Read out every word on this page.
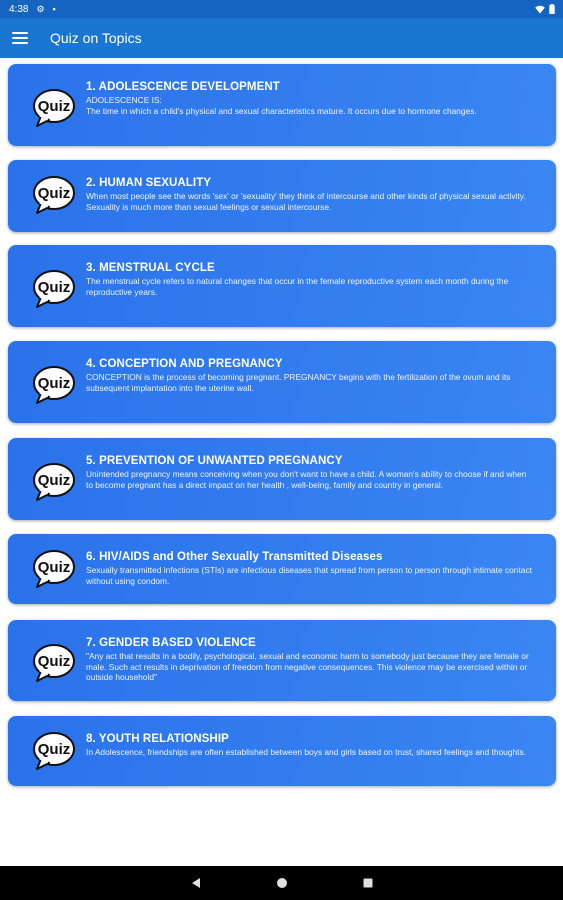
4:38 ⚙ ▪
Quiz on Topics
Quiz
1. ADOLESCENCE DEVELOPMENT
ADOLESCENCE IS:
The time in which a child's physical and sexual characteristics mature. It occurs due to hormone changes.
Quiz
2. HUMAN SEXUALITY
When most people see the words 'sex' or 'sexuality' they think of intercourse and other kinds of physical sexual activity. Sexuality is much more than sexual feelings or sexual intercourse.
Quiz
3. MENSTRUAL CYCLE
The menstrual cycle refers to natural changes that occur in the female reproductive system each month during the reproductive years.
Quiz
4. CONCEPTION AND PREGNANCY
CONCEPTION is the process of becoming pregnant. PREGNANCY begins with the fertilization of the ovum and its subsequent implantation into the uterine wall.
Quiz
5. PREVENTION OF UNWANTED PREGNANCY
Unintended pregnancy means conceiving when you don't want to have a child. A woman's ability to choose if and when to become pregnant has a direct impact on her health , well-being, family and country in general.
Quiz
6. HIV/AIDS and Other Sexually Transmitted Diseases
Sexually transmitted infections (STIs) are infectious diseases that spread from person to person through intimate contact without using condom.
Quiz
7. GENDER BASED VIOLENCE
"Any act that results in a bodily, psychological, sexual and economic harm to somebody just because they are female or male. Such act results in deprivation of freedom from negative consequences. This violence may be exercised within or outside household"
Quiz
8. YOUTH RELATIONSHIP
In Adolescence, friendships are often established between boys and girls based on trust, shared feelings and thoughts.
